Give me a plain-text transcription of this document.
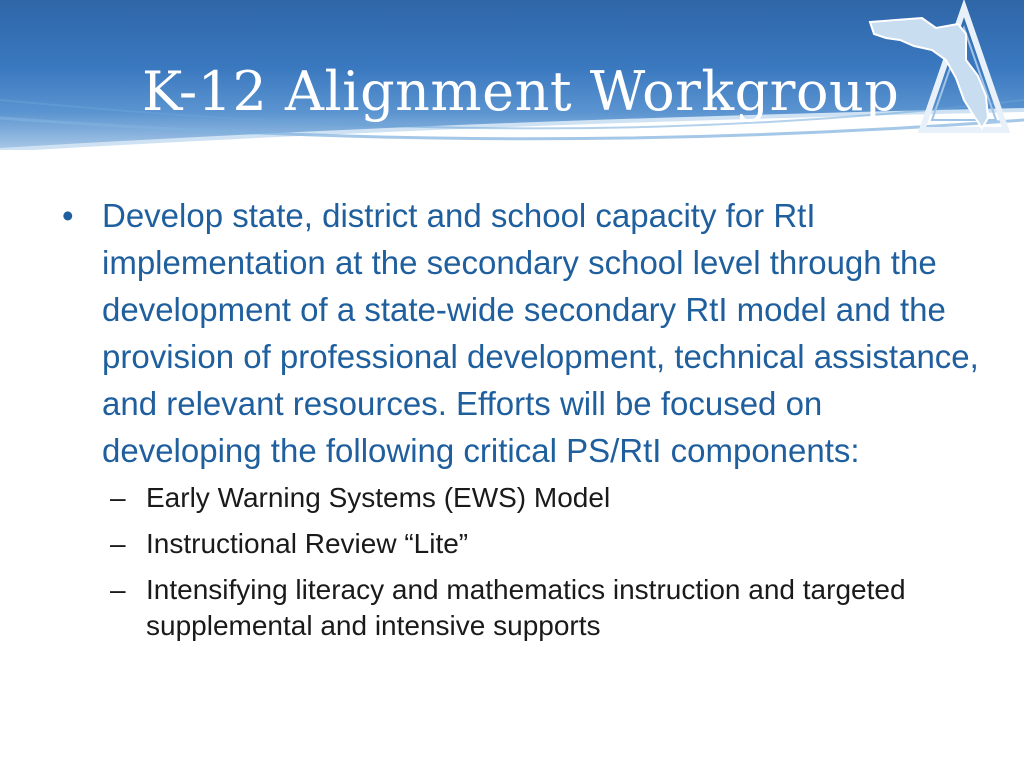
K-12 Alignment Workgroup
• Develop state, district and school capacity for RtI implementation at the secondary school level through the development of a state-wide secondary RtI model and the provision of professional development, technical assistance, and relevant resources. Efforts will be focused on developing the following critical PS/RtI components:
– Early Warning Systems (EWS) Model
– Instructional Review “Lite”
– Intensifying literacy and mathematics instruction and targeted supplemental and intensive supports
